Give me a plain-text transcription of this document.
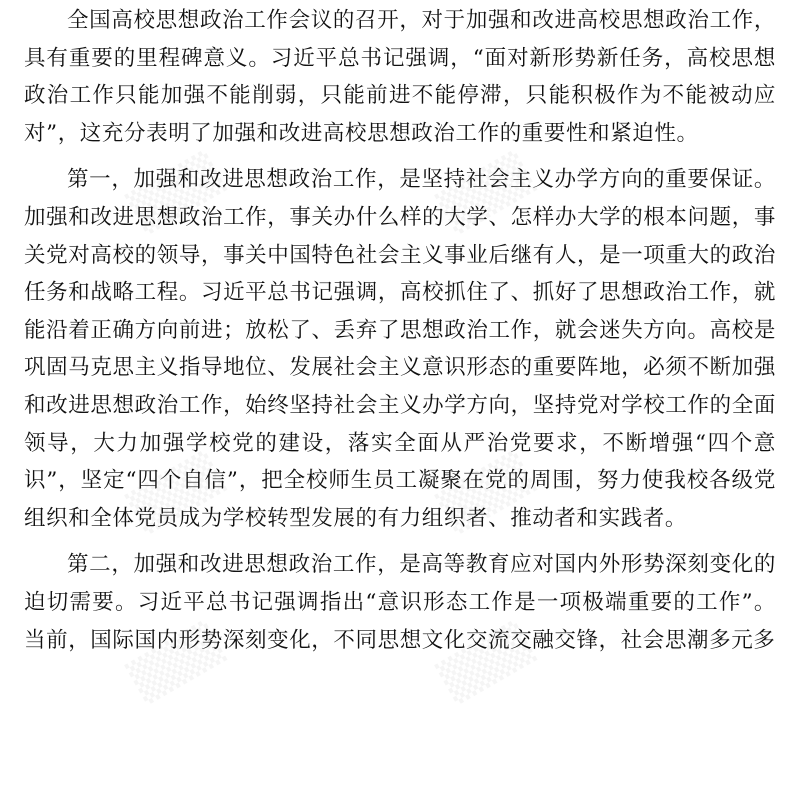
▒▒▒	▒▒▒
▒▒▒	▒▒▒
▒▒▒	▒▒▒

全国高校思想政治工作会议的召开，对于加强和改进高校思想政治工作，具有重要的里程碑意义。习近平总书记强调，“面对新形势新任务，高校思想政治工作只能加强不能削弱，只能前进不能停滞，只能积极作为不能被动应对”，这充分表明了加强和改进高校思想政治工作的重要性和紧迫性。

第一，加强和改进思想政治工作，是坚持社会主义办学方向的重要保证。加强和改进思想政治工作，事关办什么样的大学、怎样办大学的根本问题，事关党对高校的领导，事关中国特色社会主义事业后继有人，是一项重大的政治任务和战略工程。习近平总书记强调，高校抓住了、抓好了思想政治工作，就能沿着正确方向前进；放松了、丢弃了思想政治工作，就会迷失方向。高校是巩固马克思主义指导地位、发展社会主义意识形态的重要阵地，必须不断加强和改进思想政治工作，始终坚持社会主义办学方向，坚持党对学校工作的全面领导，大力加强学校党的建设，落实全面从严治党要求，不断增强“四个意识”，坚定“四个自信”，把全校师生员工凝聚在党的周围，努力使我校各级党组织和全体党员成为学校转型发展的有力组织者、推动者和实践者。

第二，加强和改进思想政治工作，是高等教育应对国内外形势深刻变化的迫切需要。习近平总书记强调指出“意识形态工作是一项极端重要的工作”。当前，国际国内形势深刻变化，不同思想文化交流交融交锋，社会思潮多元多
